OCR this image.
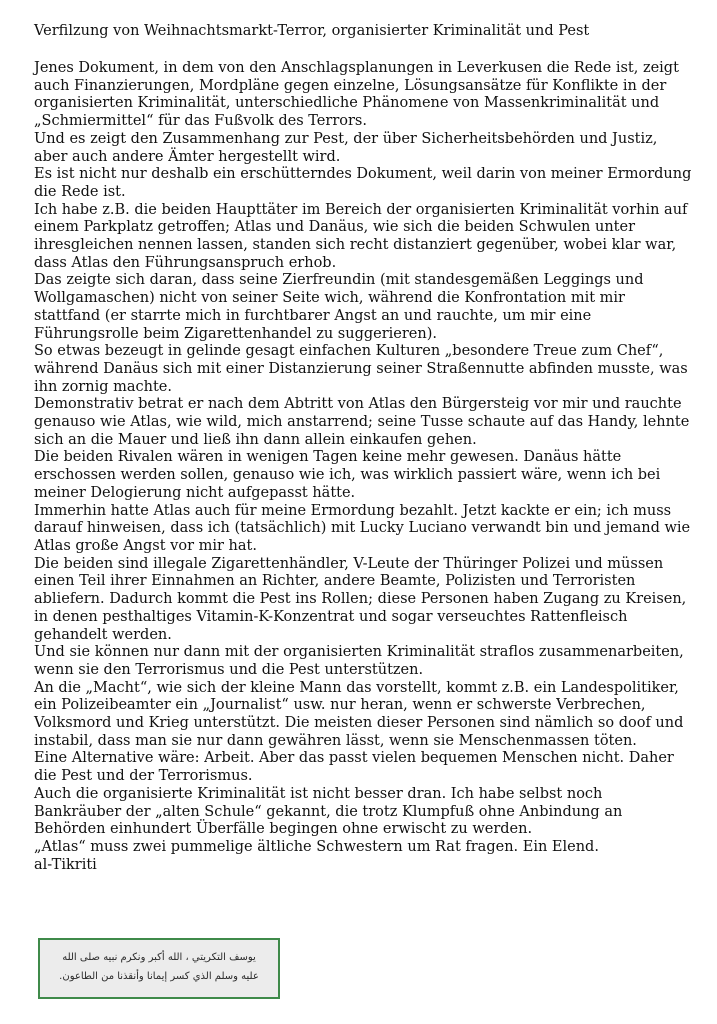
Verfilzung von Weihnachtsmarkt-Terror, organisierter Kriminalität und Pest

Jenes Dokument, in dem von den Anschlagsplanungen in Leverkusen die Rede ist, zeigt auch Finanzierungen, Mordpläne gegen einzelne, Lösungsansätze für Konflikte in der organisierten Kriminalität, unterschiedliche Phänomene von Massenkriminalität und „Schmiermittel“ für das Fußvolk des Terrors.

Und es zeigt den Zusammenhang zur Pest, der über Sicherheitsbehörden und Justiz, aber auch andere Ämter hergestellt wird.

Es ist nicht nur deshalb ein erschütterndes Dokument, weil darin von meiner Ermordung die Rede ist.

Ich habe z.B. die beiden Haupttäter im Bereich der organisierten Kriminalität vorhin auf einem Parkplatz getroffen; Atlas und Danäus, wie sich die beiden Schwulen unter ihresgleichen nennen lassen, standen sich recht distanziert gegenüber, wobei klar war, dass Atlas den Führungsanspruch erhob.

Das zeigte sich daran, dass seine Zierfreundin (mit standesgemäßen Leggings und Wollgamaschen) nicht von seiner Seite wich, während die Konfrontation mit mir stattfand (er starrte mich in furchtbarer Angst an und rauchte, um mir eine Führungsrolle beim Zigarettenhandel zu suggerieren).

So etwas bezeugt in gelinde gesagt einfachen Kulturen „besondere Treue zum Chef“, während Danäus sich mit einer Distanzierung seiner Straßennutte abfinden musste, was ihn zornig machte.

Demonstrativ betrat er nach dem Abtritt von Atlas den Bürgersteig vor mir und rauchte genauso wie Atlas, wie wild, mich anstarrend; seine Tusse schaute auf das Handy, lehnte sich an die Mauer und ließ ihn dann allein einkaufen gehen.

Die beiden Rivalen wären in wenigen Tagen keine mehr gewesen. Danäus hätte erschossen werden sollen, genauso wie ich, was wirklich passiert wäre, wenn ich bei meiner Delogierung nicht aufgepasst hätte.

Immerhin hatte Atlas auch für meine Ermordung bezahlt. Jetzt kackte er ein; ich muss darauf hinweisen, dass ich (tatsächlich) mit Lucky Luciano verwandt bin und jemand wie Atlas große Angst vor mir hat.

Die beiden sind illegale Zigarettenhändler, V-Leute der Thüringer Polizei und müssen einen Teil ihrer Einnahmen an Richter, andere Beamte, Polizisten und Terroristen abliefern. Dadurch kommt die Pest ins Rollen; diese Personen haben Zugang zu Kreisen, in denen pesthaltiges Vitamin-K-Konzentrat und sogar verseuchtes Rattenfleisch gehandelt werden.

Und sie können nur dann mit der organisierten Kriminalität straflos zusammenarbeiten, wenn sie den Terrorismus und die Pest unterstützen.

An die „Macht“, wie sich der kleine Mann das vorstellt, kommt z.B. ein Landespolitiker, ein Polizeibeamter ein „Journalist“ usw. nur heran, wenn er schwerste Verbrechen, Volksmord und Krieg unterstützt. Die meisten dieser Personen sind nämlich so doof und instabil, dass man sie nur dann gewähren lässt, wenn sie Menschenmassen töten.

Eine Alternative wäre: Arbeit. Aber das passt vielen bequemen Menschen nicht. Daher die Pest und der Terrorismus.

Auch die organisierte Kriminalität ist nicht besser dran. Ich habe selbst noch Bankräuber der „alten Schule“ gekannt, die trotz Klumpfuß ohne Anbindung an Behörden einhundert Überfälle begingen ohne erwischt zu werden.

„Atlas“ muss zwei pummelige ältliche Schwestern um Rat fragen. Ein Elend.

al-Tikriti

يوسف التكريتي ، الله أكبر ونكرم نبيه صلى الله
عليه وسلم الذي كسر إيمانا وأنقذنا من الطاعون.
